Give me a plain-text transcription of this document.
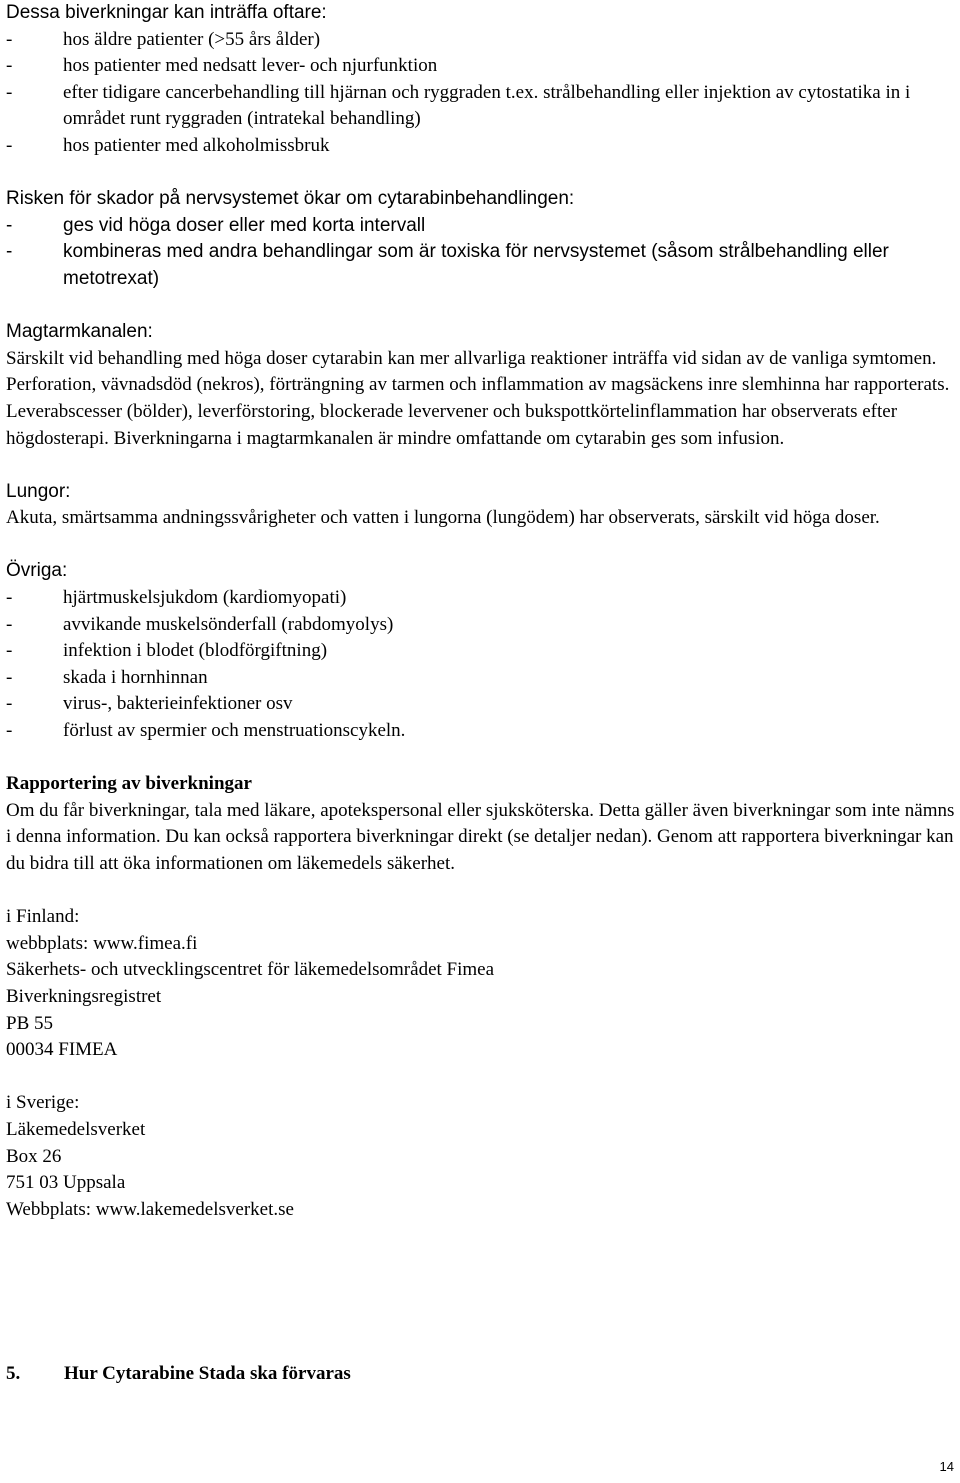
Dessa biverkningar kan inträffa oftare:

-	hos äldre patienter (>55 års ålder)
-	hos patienter med nedsatt lever- och njurfunktion
-	efter tidigare cancerbehandling till hjärnan och ryggraden t.ex. strålbehandling eller injektion av cytostatika in i området runt ryggraden (intratekal behandling)
-	hos patienter med alkoholmissbruk

Risken för skador på nervsystemet ökar om cytarabinbehandlingen:

-	ges vid höga doser eller med korta intervall
-	kombineras med andra behandlingar som är toxiska för nervsystemet (såsom strålbehandling eller metotrexat)

Magtarmkanalen:

Särskilt vid behandling med höga doser cytarabin kan mer allvarliga reaktioner inträffa vid sidan av de vanliga symtomen. Perforation, vävnadsdöd (nekros), förträngning av tarmen och inflammation av magsäckens inre slemhinna har rapporterats. Leverabscesser (bölder), leverförstoring, blockerade levervener och bukspottkörtelinflammation har observerats efter högdosterapi. Biverkningarna i magtarmkanalen är mindre omfattande om cytarabin ges som infusion.

Lungor:

Akuta, smärtsamma andningssvårigheter och vatten i lungorna (lungödem) har observerats, särskilt vid höga doser.

Övriga:

-	hjärtmuskelsjukdom (kardiomyopati)
-	avvikande muskelsönderfall (rabdomyolys)
-	infektion i blodet (blodförgiftning)
-	skada i hornhinnan
-	virus-, bakterieinfektioner osv
-	förlust av spermier och menstruationscykeln.

Rapportering av biverkningar

Om du får biverkningar, tala med läkare, apotekspersonal eller sjuksköterska. Detta gäller även biverkningar som inte nämns i denna information. Du kan också rapportera biverkningar direkt (se detaljer nedan). Genom att rapportera biverkningar kan du bidra till att öka informationen om läkemedels säkerhet.

i Finland:

webbplats: www.fimea.fi

Säkerhets- och utvecklingscentret för läkemedelsområdet Fimea

Biverkningsregistret

PB 55

00034 FIMEA

i Sverige:

Läkemedelsverket

Box 26

751 03 Uppsala

Webbplats: www.lakemedelsverket.se

5. Hur Cytarabine Stada ska förvaras
14
